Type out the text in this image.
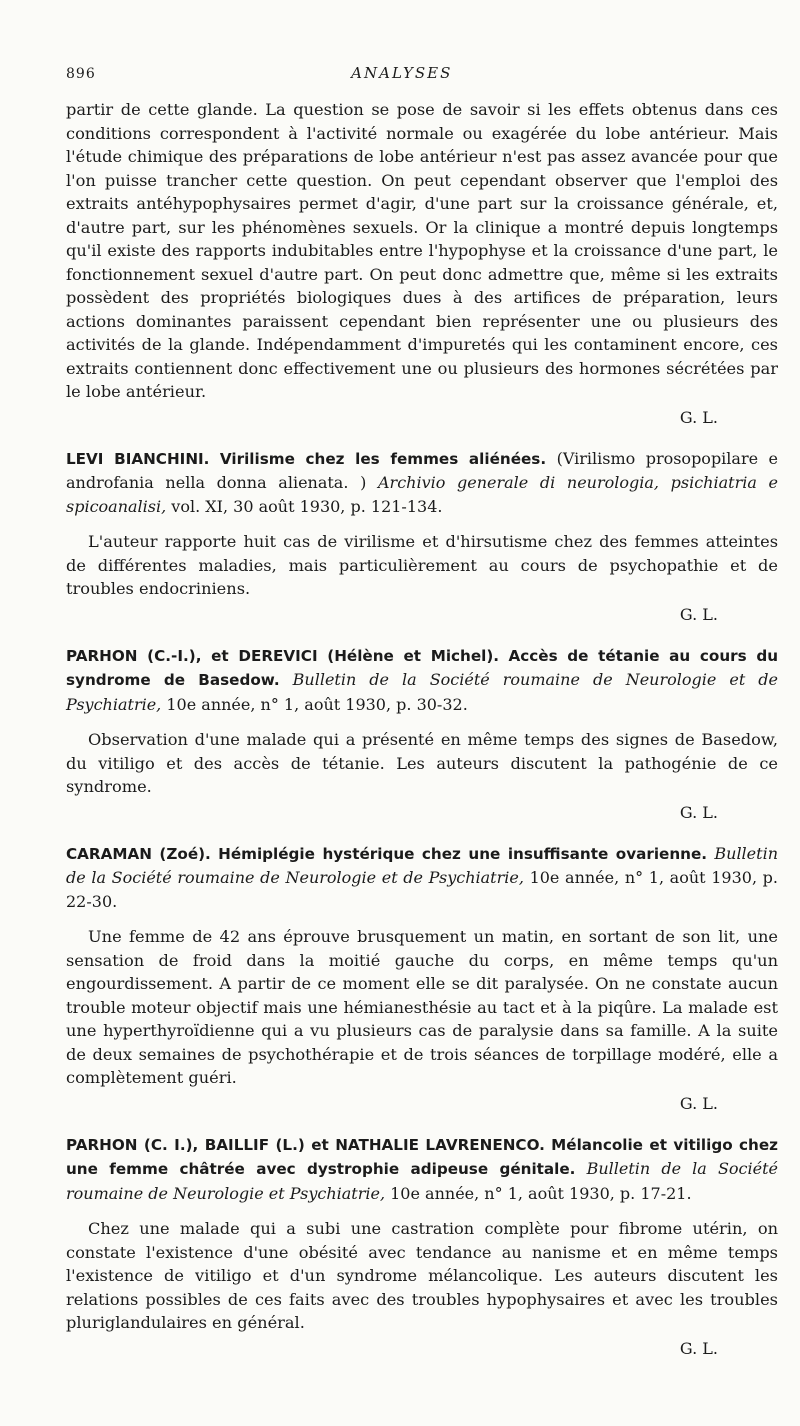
896	ANALYSES

partir de cette glande. La question se pose de savoir si les effets obtenus dans ces conditions correspondent à l'activité normale ou exagérée du lobe antérieur. Mais l'étude chimique des préparations de lobe antérieur n'est pas assez avancée pour que l'on puisse trancher cette question. On peut cependant observer que l'emploi des extraits antéhypophysaires permet d'agir, d'une part sur la croissance générale, et, d'autre part, sur les phénomènes sexuels. Or la clinique a montré depuis longtemps qu'il existe des rapports indubitables entre l'hypophyse et la croissance d'une part, le fonctionnement sexuel d'autre part. On peut donc admettre que, même si les extraits possèdent des propriétés biologiques dues à des artifices de préparation, leurs actions dominantes paraissent cependant bien représenter une ou plusieurs des activités de la glande. Indépendamment d'impuretés qui les contaminent encore, ces extraits contiennent donc effectivement une ou plusieurs des hormones sécrétées par le lobe antérieur.

G. L.

LEVI BIANCHINI. Virilisme chez les femmes aliénées. (Virilismo prosopopilare e androfania nella donna alienata. ) Archivio generale di neurologia, psichiatria e spicoanalisi, vol. XI, 30 août 1930, p. 121-134.

L'auteur rapporte huit cas de virilisme et d'hirsutisme chez des femmes atteintes de différentes maladies, mais particulièrement au cours de psychopathie et de troubles endocriniens.

G. L.

PARHON (C.-I.), et DEREVICI (Hélène et Michel). Accès de tétanie au cours du syndrome de Basedow. Bulletin de la Société roumaine de Neurologie et de Psychiatrie, 10e année, n° 1, août 1930, p. 30-32.

Observation d'une malade qui a présenté en même temps des signes de Basedow, du vitiligo et des accès de tétanie. Les auteurs discutent la pathogénie de ce syndrome.

G. L.

CARAMAN (Zoé). Hémiplégie hystérique chez une insuffisante ovarienne. Bulletin de la Société roumaine de Neurologie et de Psychiatrie, 10e année, n° 1, août 1930, p. 22-30.

Une femme de 42 ans éprouve brusquement un matin, en sortant de son lit, une sensation de froid dans la moitié gauche du corps, en même temps qu'un engourdissement. A partir de ce moment elle se dit paralysée. On ne constate aucun trouble moteur objectif mais une hémianesthésie au tact et à la piqûre. La malade est une hyperthyroïdienne qui a vu plusieurs cas de paralysie dans sa famille. A la suite de deux semaines de psychothérapie et de trois séances de torpillage modéré, elle a complètement guéri.

G. L.

PARHON (C. I.), BAILLIF (L.) et NATHALIE LAVRENENCO. Mélancolie et vitiligo chez une femme châtrée avec dystrophie adipeuse génitale. Bulletin de la Société roumaine de Neurologie et Psychiatrie, 10e année, n° 1, août 1930, p. 17-21.

Chez une malade qui a subi une castration complète pour fibrome utérin, on constate l'existence d'une obésité avec tendance au nanisme et en même temps l'existence de vitiligo et d'un syndrome mélancolique. Les auteurs discutent les relations possibles de ces faits avec des troubles hypophysaires et avec les troubles pluriglandulaires en général.

G. L.
